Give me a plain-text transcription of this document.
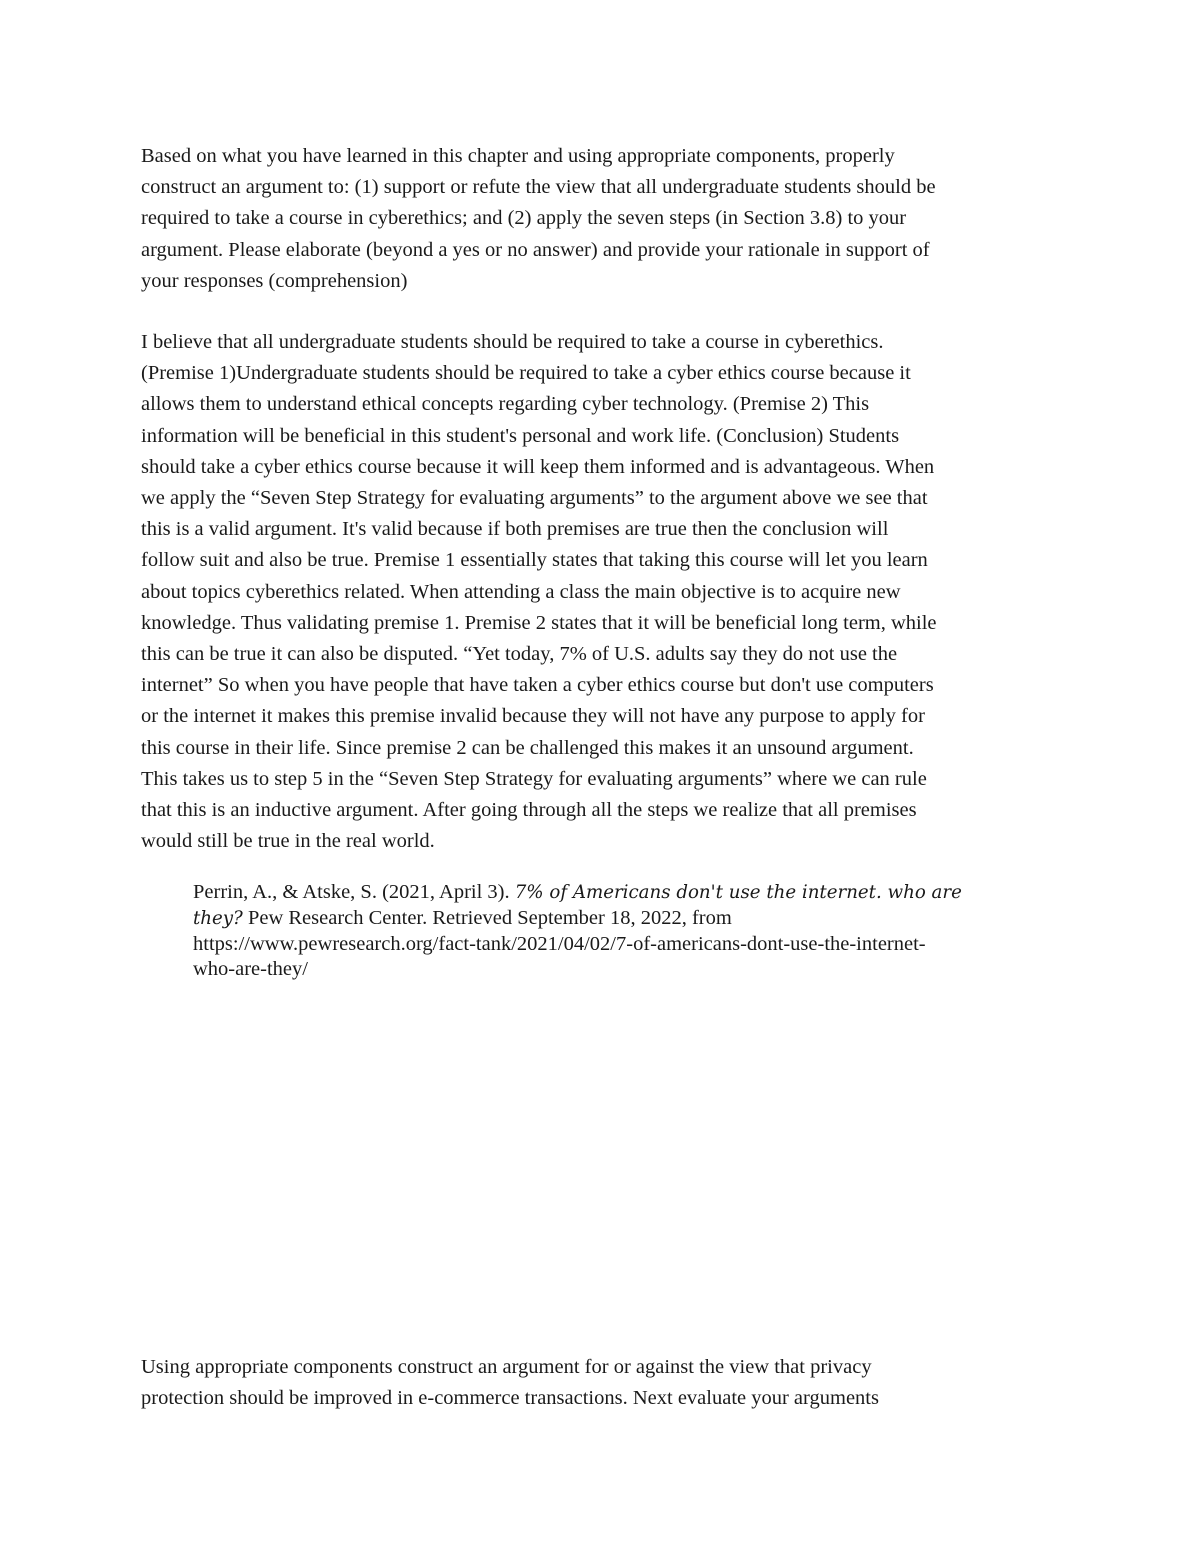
Based on what you have learned in this chapter and using appropriate components, properly
construct an argument to: (1) support or refute the view that all undergraduate students should be
required to take a course in cyberethics; and (2) apply the seven steps (in Section 3.8) to your
argument. Please elaborate (beyond a yes or no answer) and provide your rationale in support of
your responses (comprehension)

I believe that all undergraduate students should be required to take a course in cyberethics.
(Premise 1)Undergraduate students should be required to take a cyber ethics course because it
allows them to understand ethical concepts regarding cyber technology. (Premise 2) This
information will be beneficial in this student's personal and work life. (Conclusion) Students
should take a cyber ethics course because it will keep them informed and is advantageous. When
we apply the “Seven Step Strategy for evaluating arguments” to the argument above we see that
this is a valid argument. It's valid because if both premises are true then the conclusion will
follow suit and also be true. Premise 1 essentially states that taking this course will let you learn
about topics cyberethics related. When attending a class the main objective is to acquire new
knowledge. Thus validating premise 1. Premise 2 states that it will be beneficial long term, while
this can be true it can also be disputed. “Yet today, 7% of U.S. adults say they do not use the
internet” So when you have people that have taken a cyber ethics course but don't use computers
or the internet it makes this premise invalid because they will not have any purpose to apply for
this course in their life. Since premise 2 can be challenged this makes it an unsound argument.
This takes us to step 5 in the “Seven Step Strategy for evaluating arguments” where we can rule
that this is an inductive argument. After going through all the steps we realize that all premises
would still be true in the real world.

Perrin, A., & Atske, S. (2021, April 3). 7% of Americans don't use the internet. who are
they? Pew Research Center. Retrieved September 18, 2022, from
https://www.pewresearch.org/fact-tank/2021/04/02/7-of-americans-dont-use-the-internet-
who-are-they/

Using appropriate components construct an argument for or against the view that privacy
protection should be improved in e-commerce transactions. Next evaluate your arguments
